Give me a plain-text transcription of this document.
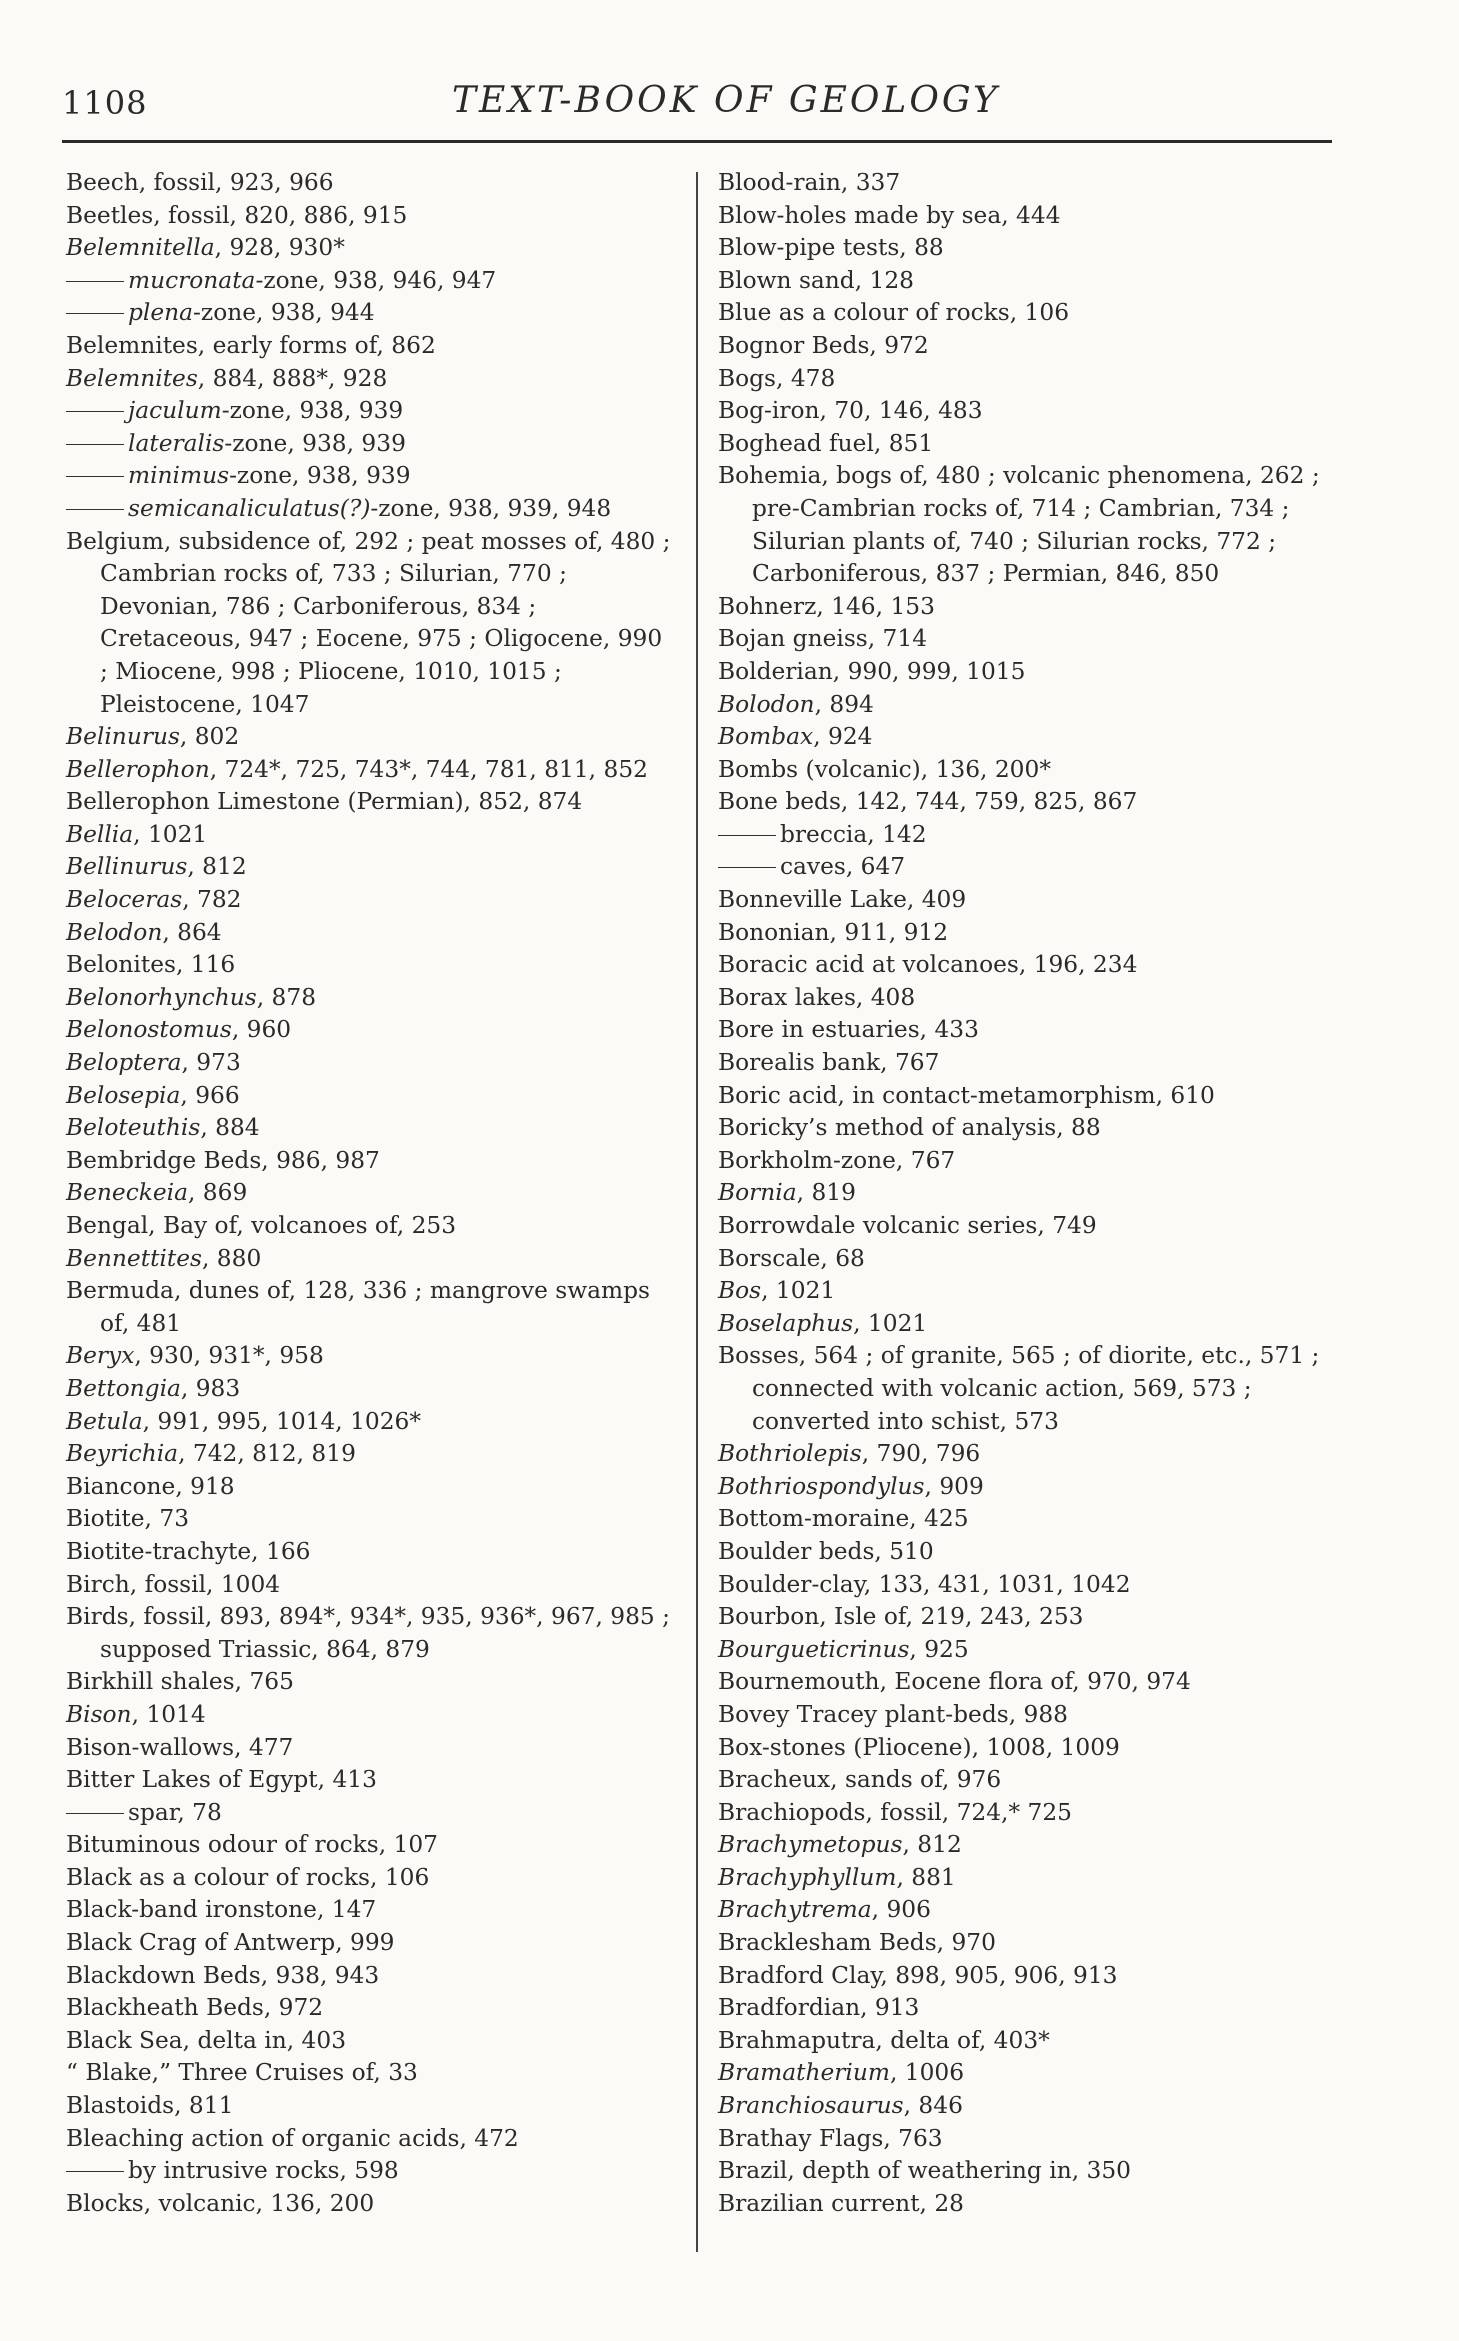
1108	TEXT-BOOK OF GEOLOGY
Beech, fossil, 923, 966
Beetles, fossil, 820, 886, 915
Belemnitella, 928, 930*
mucronata-zone, 938, 946, 947
plena-zone, 938, 944
Belemnites, early forms of, 862
Belemnites, 884, 888*, 928
jaculum-zone, 938, 939
lateralis-zone, 938, 939
minimus-zone, 938, 939
semicanaliculatus(?)-zone, 938, 939, 948
Belgium, subsidence of, 292 ; peat mosses of, 480 ; Cambrian rocks of, 733 ; Silurian, 770 ; Devonian, 786 ; Carboniferous, 834 ; Cretaceous, 947 ; Eocene, 975 ; Oligocene, 990 ; Miocene, 998 ; Pliocene, 1010, 1015 ; Pleistocene, 1047
Belinurus, 802
Bellerophon, 724*, 725, 743*, 744, 781, 811, 852
Bellerophon Limestone (Permian), 852, 874
Bellia, 1021
Bellinurus, 812
Beloceras, 782
Belodon, 864
Belonites, 116
Belonorhynchus, 878
Belonostomus, 960
Beloptera, 973
Belosepia, 966
Beloteuthis, 884
Bembridge Beds, 986, 987
Beneckeia, 869
Bengal, Bay of, volcanoes of, 253
Bennettites, 880
Bermuda, dunes of, 128, 336 ; mangrove swamps of, 481
Beryx, 930, 931*, 958
Bettongia, 983
Betula, 991, 995, 1014, 1026*
Beyrichia, 742, 812, 819
Biancone, 918
Biotite, 73
Biotite-trachyte, 166
Birch, fossil, 1004
Birds, fossil, 893, 894*, 934*, 935, 936*, 967, 985 ; supposed Triassic, 864, 879
Birkhill shales, 765
Bison, 1014
Bison-wallows, 477
Bitter Lakes of Egypt, 413
spar, 78
Bituminous odour of rocks, 107
Black as a colour of rocks, 106
Black-band ironstone, 147
Black Crag of Antwerp, 999
Blackdown Beds, 938, 943
Blackheath Beds, 972
Black Sea, delta in, 403
“ Blake,” Three Cruises of, 33
Blastoids, 811
Bleaching action of organic acids, 472
by intrusive rocks, 598
Blocks, volcanic, 136, 200
Blood-rain, 337
Blow-holes made by sea, 444
Blow-pipe tests, 88
Blown sand, 128
Blue as a colour of rocks, 106
Bognor Beds, 972
Bogs, 478
Bog-iron, 70, 146, 483
Boghead fuel, 851
Bohemia, bogs of, 480 ; volcanic phenomena, 262 ; pre-Cambrian rocks of, 714 ; Cambrian, 734 ; Silurian plants of, 740 ; Silurian rocks, 772 ; Carboniferous, 837 ; Permian, 846, 850
Bohnerz, 146, 153
Bojan gneiss, 714
Bolderian, 990, 999, 1015
Bolodon, 894
Bombax, 924
Bombs (volcanic), 136, 200*
Bone beds, 142, 744, 759, 825, 867
breccia, 142
caves, 647
Bonneville Lake, 409
Bononian, 911, 912
Boracic acid at volcanoes, 196, 234
Borax lakes, 408
Bore in estuaries, 433
Borealis bank, 767
Boric acid, in contact-metamorphism, 610
Boricky’s method of analysis, 88
Borkholm-zone, 767
Bornia, 819
Borrowdale volcanic series, 749
Borscale, 68
Bos, 1021
Boselaphus, 1021
Bosses, 564 ; of granite, 565 ; of diorite, etc., 571 ; connected with volcanic action, 569, 573 ; converted into schist, 573
Bothriolepis, 790, 796
Bothriospondylus, 909
Bottom-moraine, 425
Boulder beds, 510
Boulder-clay, 133, 431, 1031, 1042
Bourbon, Isle of, 219, 243, 253
Bourgueticrinus, 925
Bournemouth, Eocene flora of, 970, 974
Bovey Tracey plant-beds, 988
Box-stones (Pliocene), 1008, 1009
Bracheux, sands of, 976
Brachiopods, fossil, 724,* 725
Brachymetopus, 812
Brachyphyllum, 881
Brachytrema, 906
Bracklesham Beds, 970
Bradford Clay, 898, 905, 906, 913
Bradfordian, 913
Brahmaputra, delta of, 403*
Bramatherium, 1006
Branchiosaurus, 846
Brathay Flags, 763
Brazil, depth of weathering in, 350
Brazilian current, 28
